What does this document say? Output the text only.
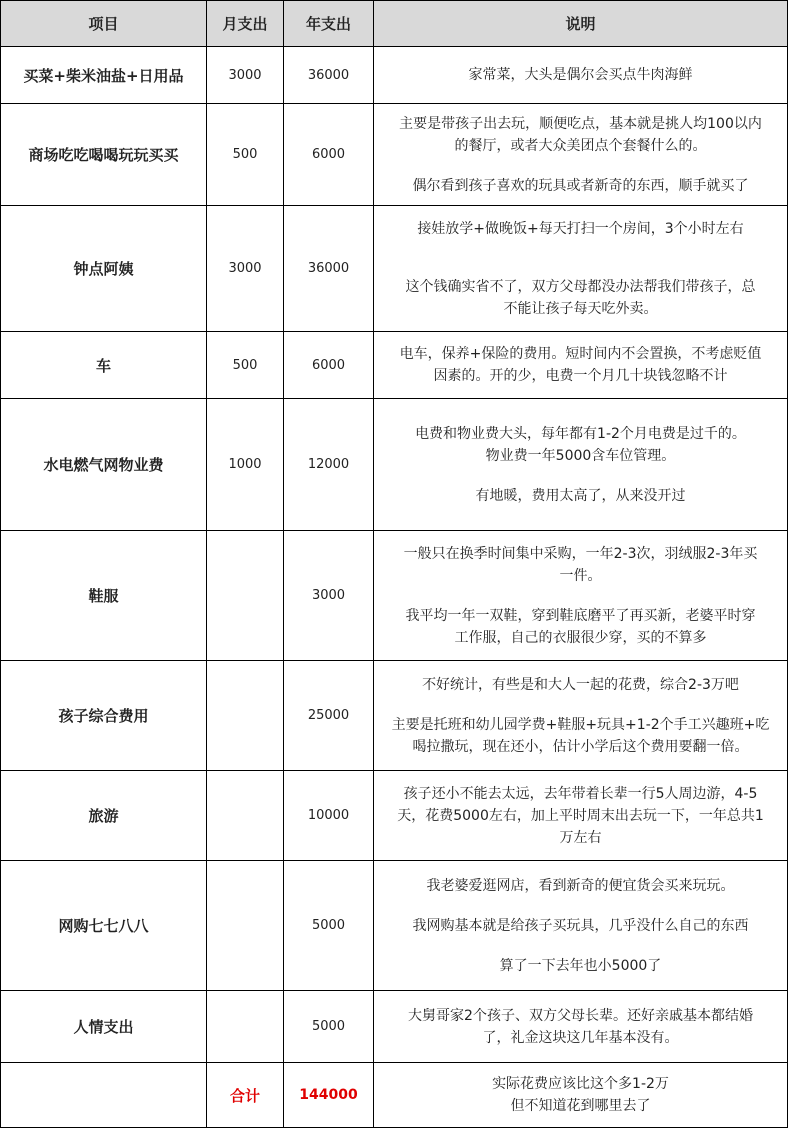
项目	月支出	年支出	说明
买菜+柴米油盐+日用品	3000	36000	家常菜，大头是偶尔会买点牛肉海鲜

商场吃吃喝喝玩玩买买	500	6000	主要是带孩子出去玩，顺便吃点，基本就是挑人均100以内

的餐厅，或者大众美团点个套餐什么的。

偶尔看到孩子喜欢的玩具或者新奇的东西，顺手就买了

钟点阿姨	3000	36000	接娃放学+做晚饭+每天打扫一个房间，3个小时左右

这个钱确实省不了，双方父母都没办法帮我们带孩子，总

不能让孩子每天吃外卖。

车	500	6000	电车，保养+保险的费用。短时间内不会置换，不考虑贬值

因素的。开的少，电费一个月几十块钱忽略不计

水电燃气网物业费	1000	12000	电费和物业费大头，每年都有1-2个月电费是过千的。

物业费一年5000含车位管理。

有地暖，费用太高了，从来没开过

鞋服		3000	一般只在换季时间集中采购，一年2-3次，羽绒服2-3年买

一件。

我平均一年一双鞋，穿到鞋底磨平了再买新，老婆平时穿

工作服，自己的衣服很少穿，买的不算多

孩子综合费用		25000	不好统计，有些是和大人一起的花费，综合2-3万吧

主要是托班和幼儿园学费+鞋服+玩具+1-2个手工兴趣班+吃

喝拉撒玩，现在还小，估计小学后这个费用要翻一倍。

旅游		10000	孩子还小不能去太远，去年带着长辈一行5人周边游，4-5

天，花费5000左右，加上平时周末出去玩一下，一年总共1

万左右

网购七七八八		5000	我老婆爱逛网店，看到新奇的便宜货会买来玩玩。

我网购基本就是给孩子买玩具，几乎没什么自己的东西

算了一下去年也小5000了

人情支出		5000	大舅哥家2个孩子、双方父母长辈。还好亲戚基本都结婚

了，礼金这块这几年基本没有。

	合计	144000	实际花费应该比这个多1-2万

但不知道花到哪里去了
